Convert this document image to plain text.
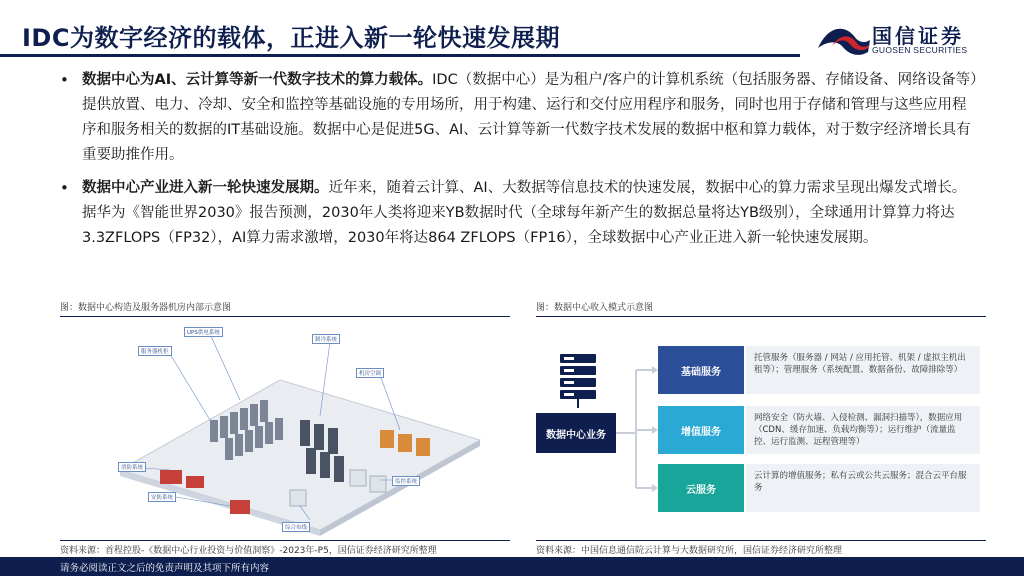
IDC为数字经济的载体，正进入新一轮快速发展期	国信证券
GUOSEN SECURITIES
• 数据中心为AI、云计算等新一代数字技术的算力载体。IDC（数据中心）是为租户/客户的计算机系统（包括服务器、存储设备、网络设备等）提供放置、电力、冷却、安全和监控等基础设施的专用场所，用于构建、运行和交付应用程序和服务，同时也用于存储和管理与这些应用程序和服务相关的数据的IT基础设施。数据中心是促进5G、AI、云计算等新一代数字技术发展的数据中枢和算力载体，对于数字经济增长具有重要助推作用。
• 数据中心产业进入新一轮快速发展期。近年来，随着云计算、AI、大数据等信息技术的快速发展，数据中心的算力需求呈现出爆发式增长。据华为《智能世界2030》报告预测，2030年人类将迎来YB数据时代（全球每年新产生的数据总量将达YB级别），全球通用计算算力将达3.3ZFLOPS（FP32），AI算力需求激增，2030年将达864 ZFLOPS（FP16），全球数据中心产业正进入新一轮快速发展期。
图：数据中心构造及服务器机房内部示意图
UPS供电系统
服务器机柜
制冷系统
机房空调
消防系统
监控系统
安防系统
综合布线
资料来源：首程控股-《数据中心行业投资与价值洞察》-2023年-P5，国信证券经济研究所整理
图：数据中心收入模式示意图
数据中心业务
基础服务
托管服务（服务器 / 网站 / 应用托管、机架 / 虚拟主机出租等）；管理服务（系统配置、数据备份、故障排除等）
增值服务
网络安全（防火墙、入侵检测、漏洞扫描等），数据应用（CDN、缓存加速、负载均衡等）；运行维护（流量监控、运行监测、远程管理等）
云服务
云计算的增值服务；私有云或公共云服务；混合云平台服务
资料来源：中国信息通信院云计算与大数据研究所，国信证券经济研究所整理
请务必阅读正文之后的免责声明及其项下所有内容
